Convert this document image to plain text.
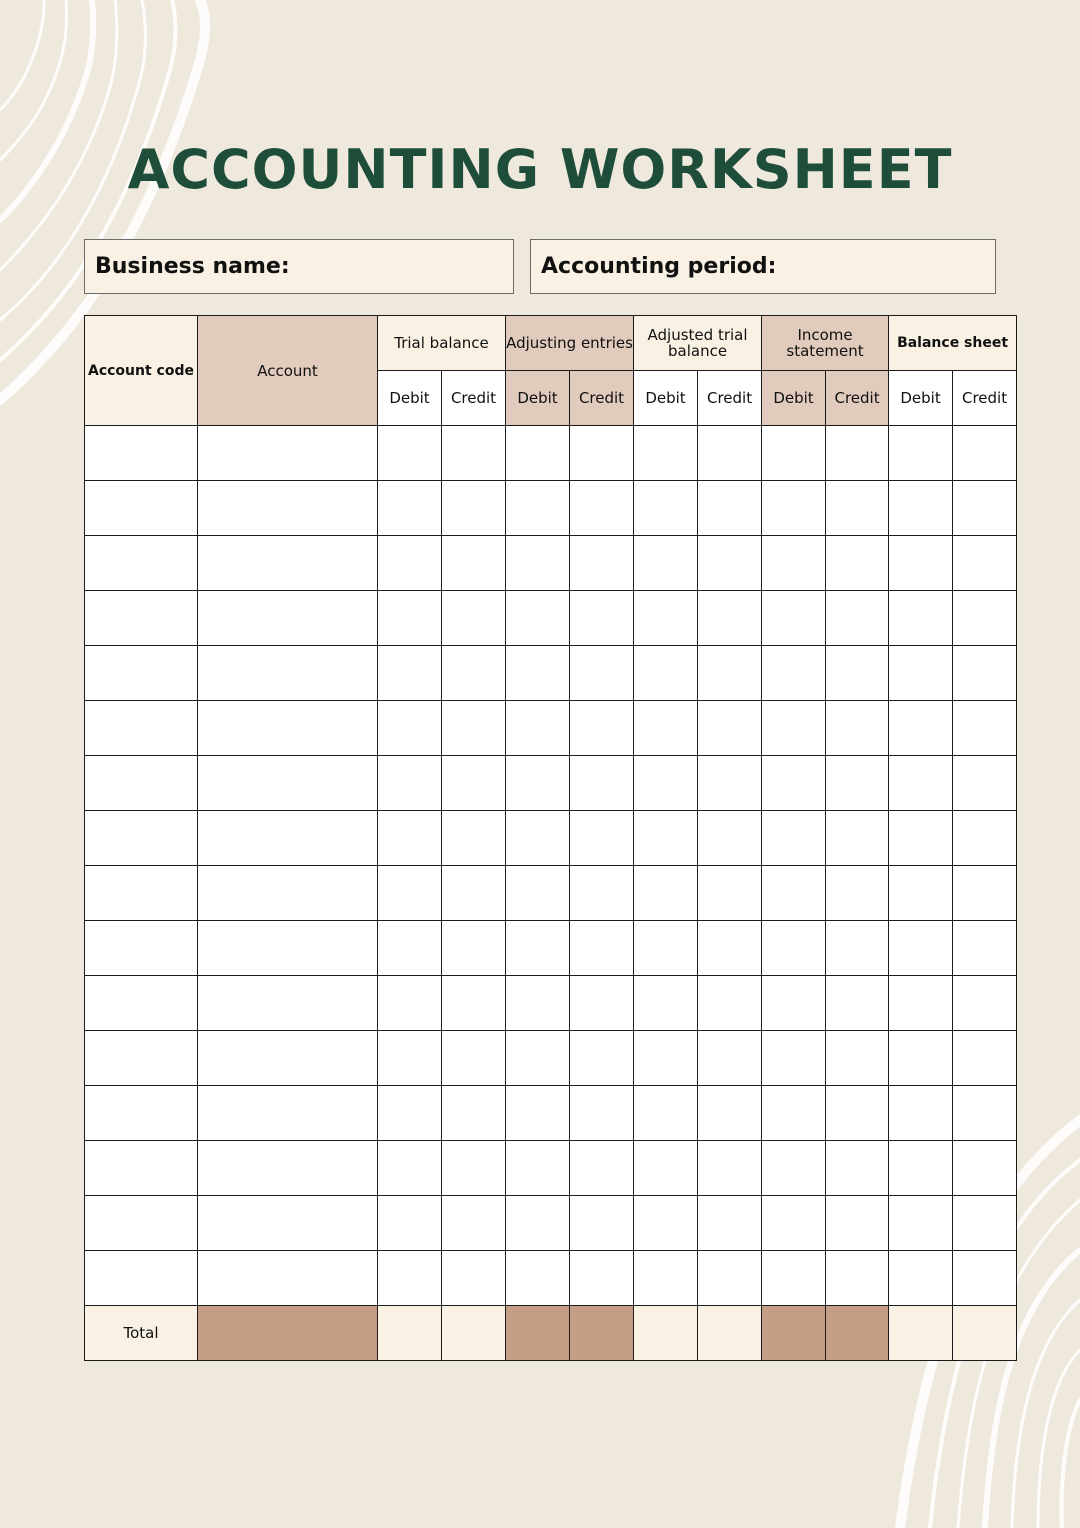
ACCOUNTING WORKSHEET
Business name:	Accounting period:
Account code	Account	Trial balance		Adjusting entries		Adjusted trial balance		Income statement		Balance sheet	
		Debit	Credit	Debit	Credit	Debit	Credit	Debit	Credit	Debit	Credit

Total											
